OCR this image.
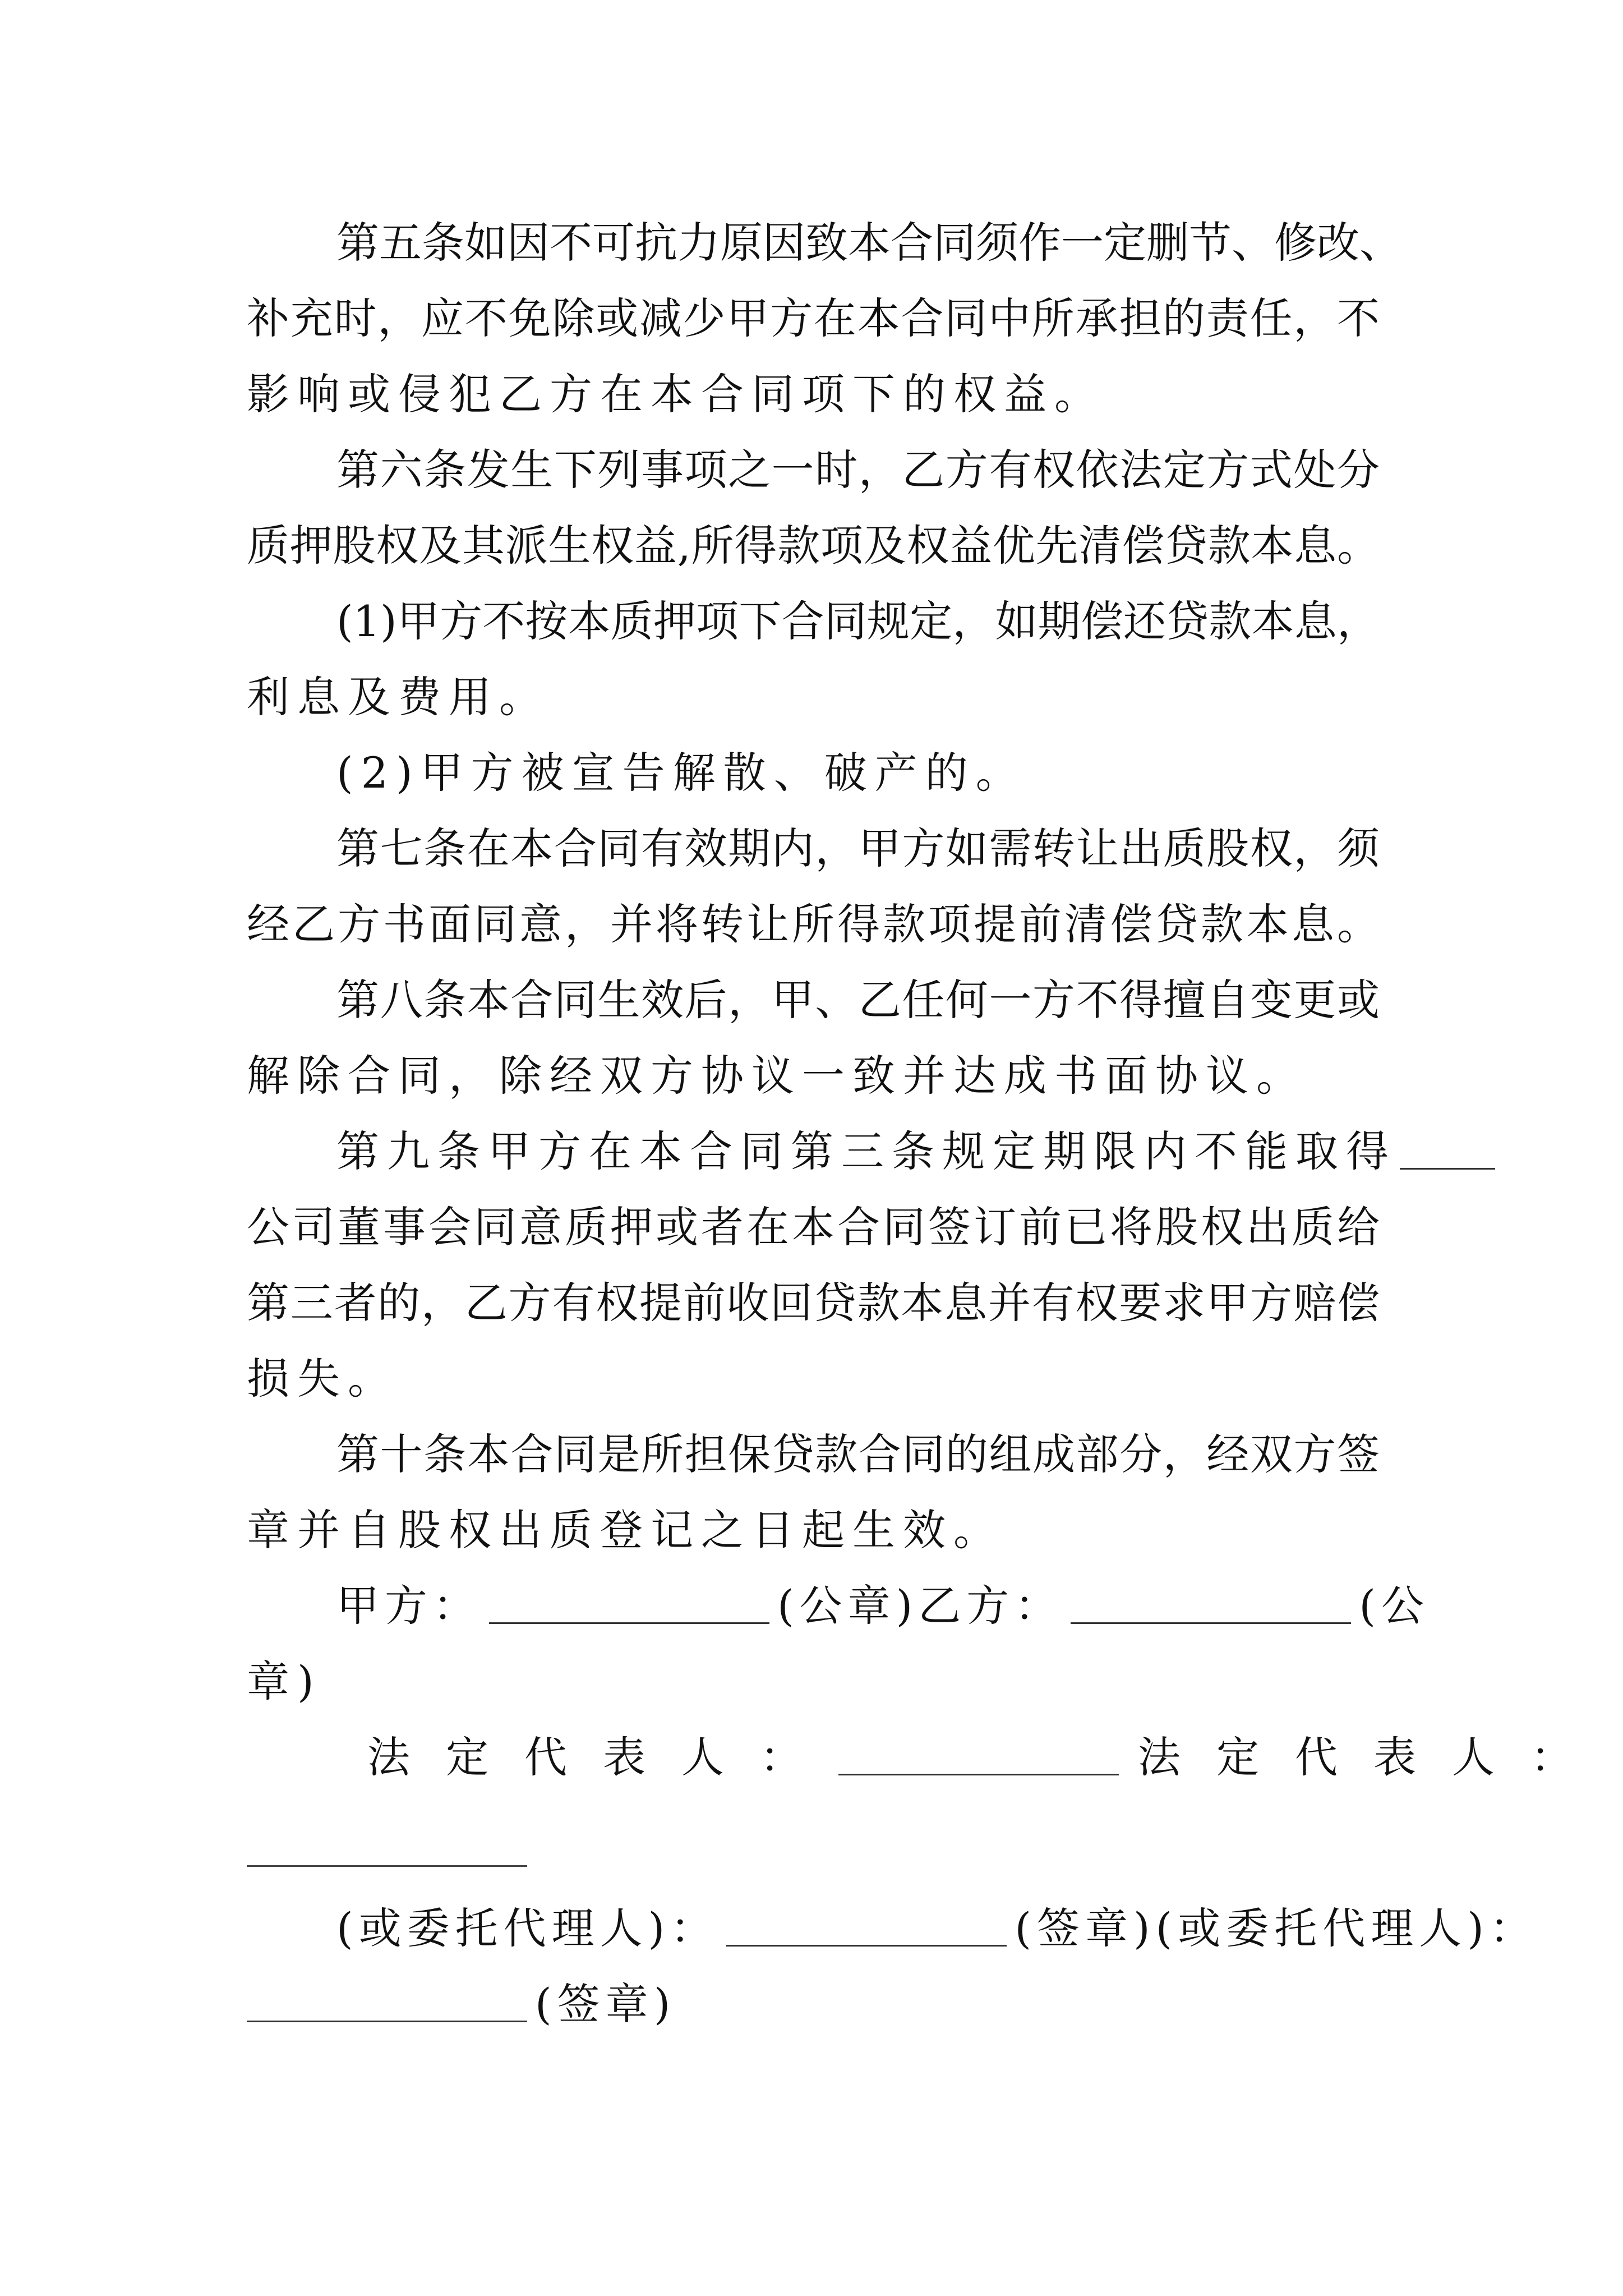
第五条如因不可抗力原因致本合同须作一定删节、修改、
补充时，应不免除或减少甲方在本合同中所承担的责任，不
影响或侵犯乙方在本合同项下的权益。
第六条发生下列事项之一时，乙方有权依法定方式处分
质押股权及其派生权益,所得款项及权益优先清偿贷款本息。
(1)甲方不按本质押项下合同规定，如期偿还贷款本息，
利息及费用。
(2)甲方被宣告解散、破产的。
第七条在本合同有效期内，甲方如需转让出质股权，须
经乙方书面同意，并将转让所得款项提前清偿贷款本息。
第八条本合同生效后，甲、乙任何一方不得擅自变更或
解除合同，除经双方协议一致并达成书面协议。
第九条甲方在本合同第三条规定期限内不能取得
公司董事会同意质押或者在本合同签订前已将股权出质给
第三者的，乙方有权提前收回贷款本息并有权要求甲方赔偿
损失。
第十条本合同是所担保贷款合同的组成部分，经双方签
章并自股权出质登记之日起生效。
甲方：	(公章)乙方：	(公
章)
法定代表人：	法定代表人：
(或委托代理人)：	(签章)(或委托代理人)：
(签章)
